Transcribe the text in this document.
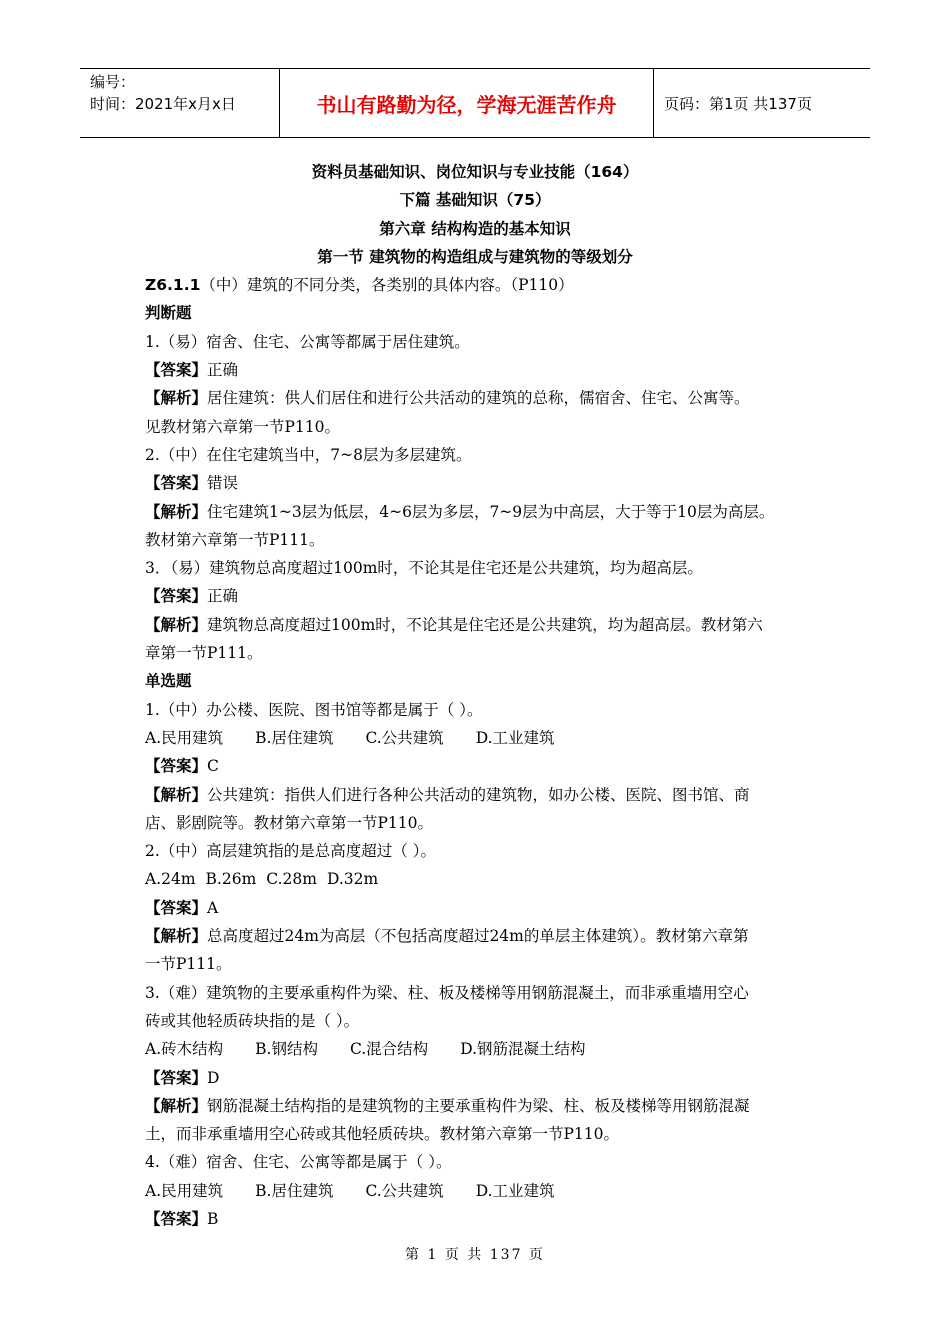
编号：
时间：2021年x月x日	书山有路勤为径，学海无涯苦作舟	页码：第1页 共137页
资料员基础知识、岗位知识与专业技能（164）
下篇 基础知识（75）
第六章 结构构造的基本知识
第一节 建筑物的构造组成与建筑物的等级划分
Z6.1.1（中）建筑的不同分类，各类别的具体内容。（P110）
判断题
1.（易）宿舍、住宅、公寓等都属于居住建筑。
【答案】正确
【解析】居住建筑：供人们居住和进行公共活动的建筑的总称，儒宿舍、住宅、公寓等。
见教材第六章第一节P110。
2.（中）在住宅建筑当中，7~8层为多层建筑。
【答案】错误
【解析】住宅建筑1~3层为低层，4~6层为多层，7~9层为中高层，大于等于10层为高层。
教材第六章第一节P111。
3．（易）建筑物总高度超过100m时，不论其是住宅还是公共建筑，均为超高层。
【答案】正确
【解析】建筑物总高度超过100m时，不论其是住宅还是公共建筑，均为超高层。教材第六
章第一节P111。
单选题
1.（中）办公楼、医院、图书馆等都是属于（ ）。
A.民用建筑 B.居住建筑 C.公共建筑 D.工业建筑
【答案】C
【解析】公共建筑：指供人们进行各种公共活动的建筑物，如办公楼、医院、图书馆、商
店、影剧院等。教材第六章第一节P110。
2.（中）高层建筑指的是总高度超过（ ）。
A.24m B.26m C.28m D.32m
【答案】A
【解析】总高度超过24m为高层（不包括高度超过24m的单层主体建筑）。教材第六章第
一节P111。
3.（难）建筑物的主要承重构件为梁、柱、板及楼梯等用钢筋混凝土，而非承重墙用空心
砖或其他轻质砖块指的是（ ）。
A.砖木结构 B.钢结构 C.混合结构 D.钢筋混凝土结构
【答案】D
【解析】钢筋混凝土结构指的是建筑物的主要承重构件为梁、柱、板及楼梯等用钢筋混凝
土，而非承重墙用空心砖或其他轻质砖块。教材第六章第一节P110。
4.（难）宿舍、住宅、公寓等都是属于（ ）。
A.民用建筑 B.居住建筑 C.公共建筑 D.工业建筑
【答案】B
第 1 页 共 137 页
